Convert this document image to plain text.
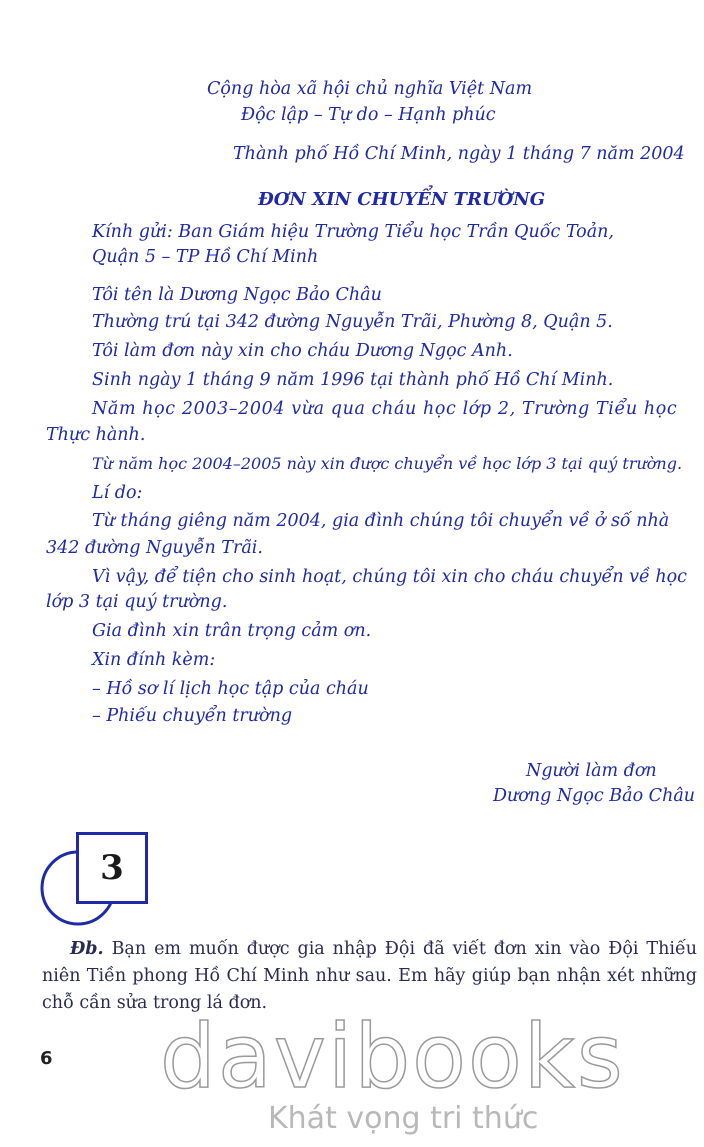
Cộng hòa xã hội chủ nghĩa Việt Nam
Độc lập – Tự do – Hạnh phúc
Thành phố Hồ Chí Minh, ngày 1 tháng 7 năm 2004
ĐƠN XIN CHUYỂN TRƯỜNG
Kính gửi: Ban Giám hiệu Trường Tiểu học Trần Quốc Toản,
Quận 5 – TP Hồ Chí Minh
Tôi tên là Dương Ngọc Bảo Châu
Thường trú tại 342 đường Nguyễn Trãi, Phường 8, Quận 5.
Tôi làm đơn này xin cho cháu Dương Ngọc Anh.
Sinh ngày 1 tháng 9 năm 1996 tại thành phố Hồ Chí Minh.
Năm học 2003–2004 vừa qua cháu học lớp 2, Trường Tiểu học
Thực hành.
Từ năm học 2004–2005 này xin được chuyển về học lớp 3 tại quý trường.
Lí do:
Từ tháng giêng năm 2004, gia đình chúng tôi chuyển về ở số nhà
342 đường Nguyễn Trãi.
Vì vậy, để tiện cho sinh hoạt, chúng tôi xin cho cháu chuyển về học
lớp 3 tại quý trường.
Gia đình xin trân trọng cảm ơn.
Xin đính kèm:
– Hồ sơ lí lịch học tập của cháu
– Phiếu chuyển trường
Người làm đơn
Dương Ngọc Bảo Châu
3
Đb. Bạn em muốn được gia nhập Đội đã viết đơn xin vào Đội Thiếu niên Tiền phong Hồ Chí Minh như sau. Em hãy giúp bạn nhận xét những chỗ cần sửa trong lá đơn.
6 davibooks
Khát vọng tri thức
